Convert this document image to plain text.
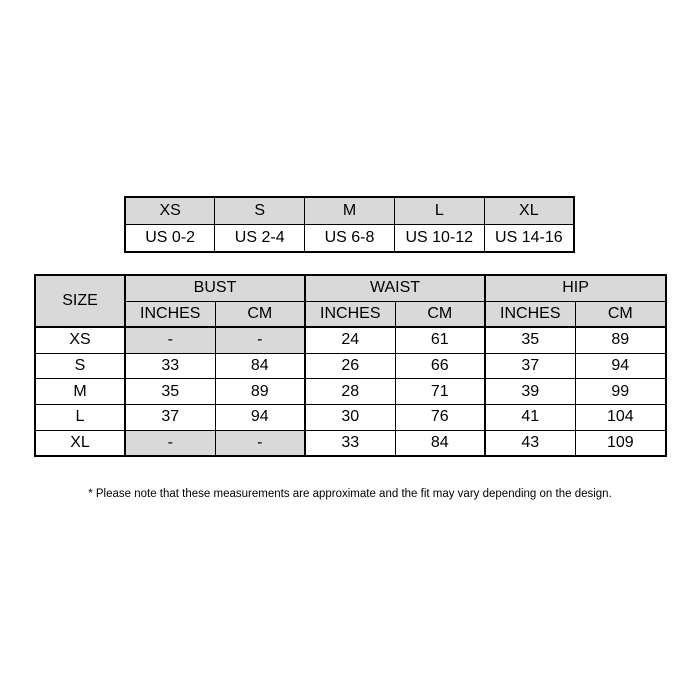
XS	S	M	L	XL
US 0-2	US 2-4	US 6-8	US 10-12	US 14-16
SIZE	BUST		WAIST		HIP	
	INCHES	CM	INCHES	CM	INCHES	CM
XS	-	-	24	61	35	89
S	33	84	26	66	37	94
M	35	89	28	71	39	99
L	37	94	30	76	41	104
XL	-	-	33	84	43	109
* Please note that these measurements are approximate and the fit may vary depending on the design.
